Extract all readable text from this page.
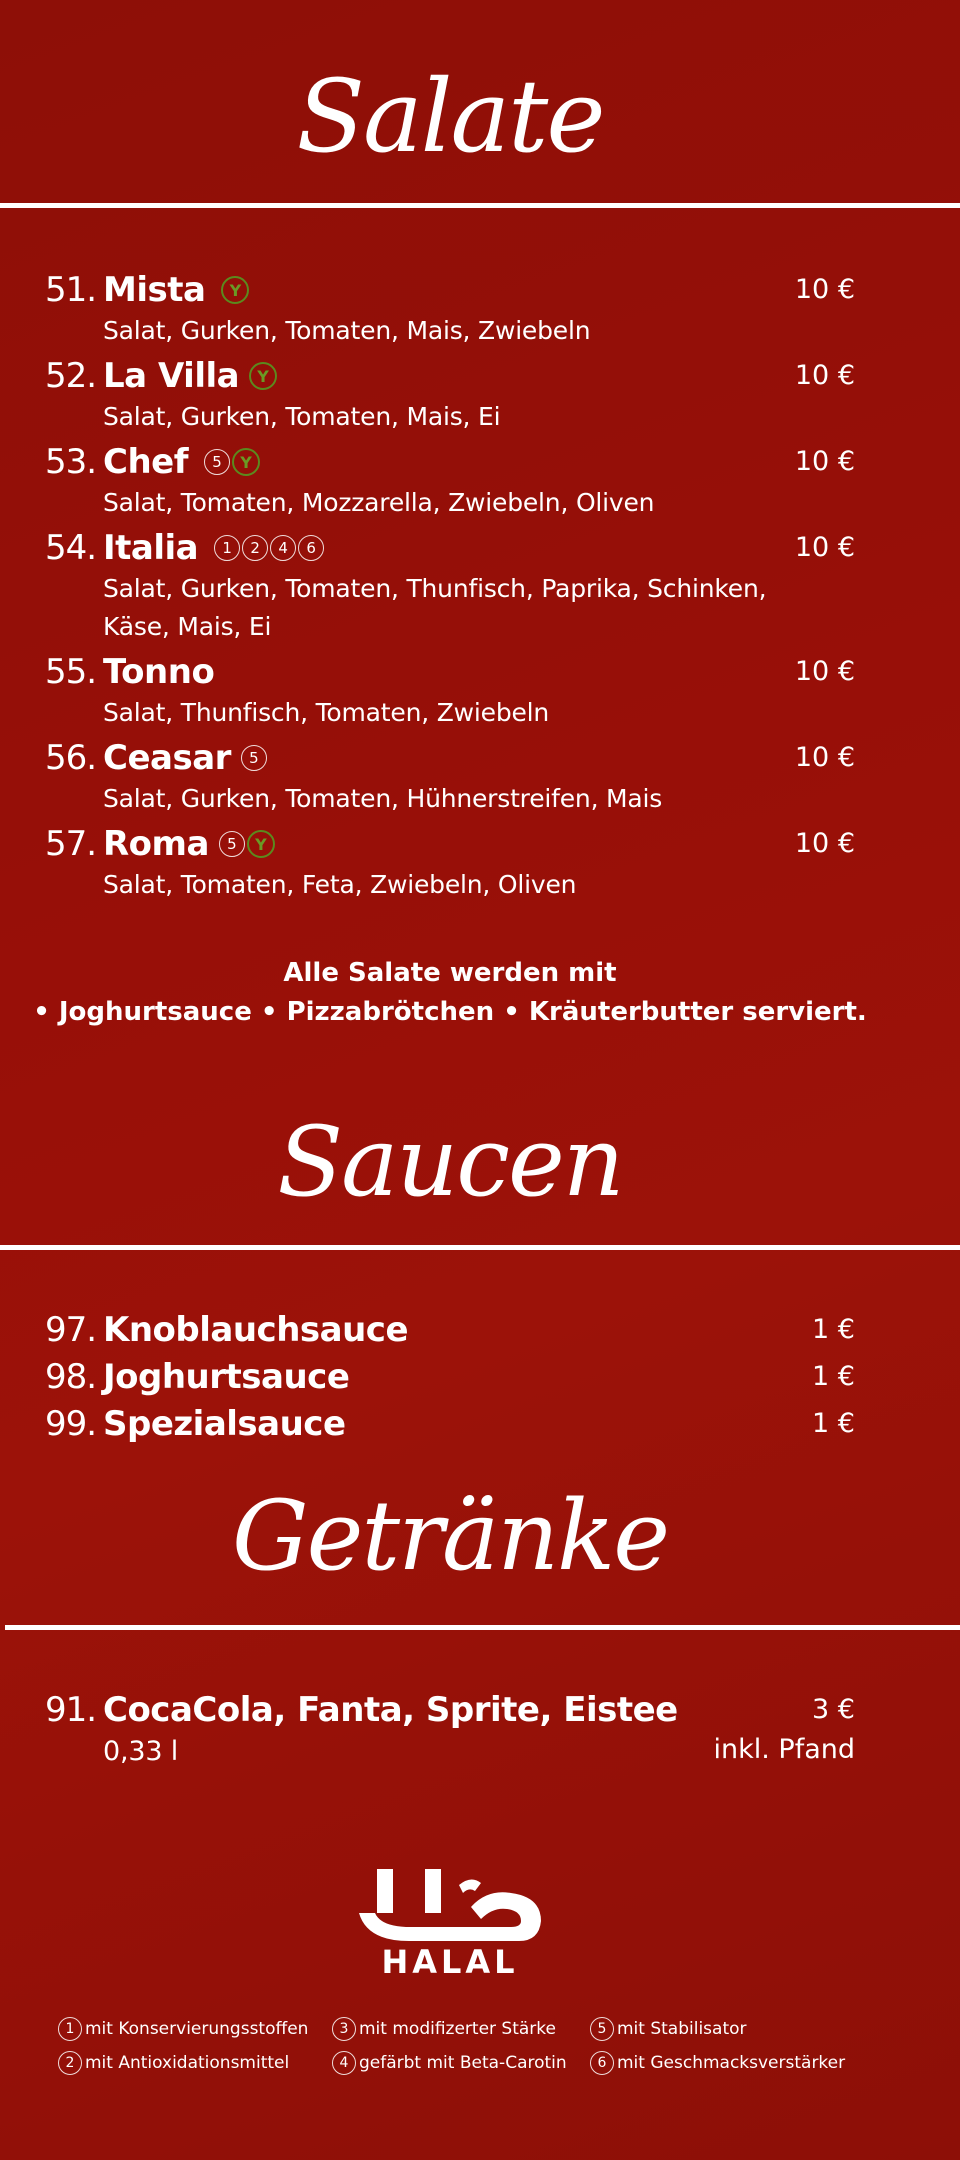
Salate
51. Mista	Y	10 €
Salat, Gurken, Tomaten, Mais, Zwiebeln
52. La Villa	Y	10 €
Salat, Gurken, Tomaten, Mais, Ei
53. Chef	5	Y	10 €
Salat, Tomaten, Mozzarella, Zwiebeln, Oliven
54. Italia	1	2	4	6	10 €
Salat, Gurken, Tomaten, Thunfisch, Paprika, Schinken,
Käse, Mais, Ei
55. Tonno	10 €
Salat, Thunfisch, Tomaten, Zwiebeln
56. Ceasar	5	10 €
Salat, Gurken, Tomaten, Hühnerstreifen, Mais
57. Roma	5	Y	10 €
Salat, Tomaten, Feta, Zwiebeln, Oliven
Alle Salate werden mit
• Joghurtsauce • Pizzabrötchen • Kräuterbutter serviert.
Saucen
97. Knoblauchsauce	1 €
98. Joghurtsauce	1 €
99. Spezialsauce	1 €
Getränke
91. CocaCola, Fanta, Sprite, Eistee	3 €
0,33 l	inkl. Pfand
HALAL
1 mit Konservierungsstoffen
2 mit Antioxidationsmittel
3 mit modifizerter Stärke
4 gefärbt mit Beta-Carotin
5 mit Stabilisator
6 mit Geschmacksverstärker
